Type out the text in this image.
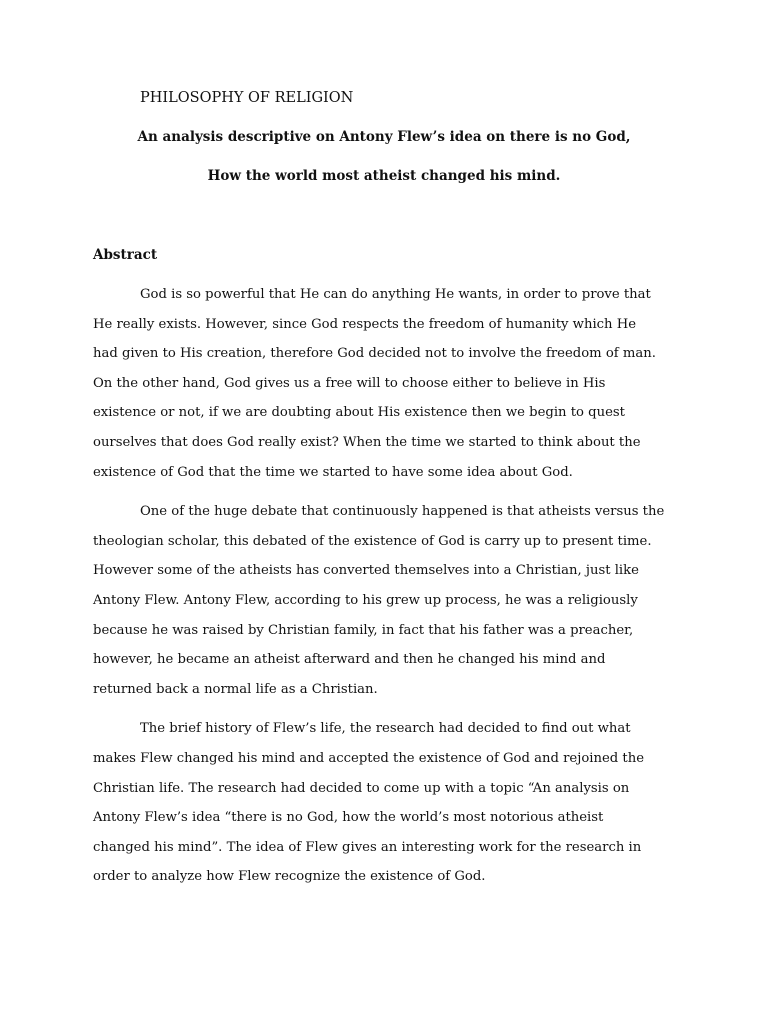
PHILOSOPHY OF RELIGION
An analysis descriptive on Antony Flew’s idea on there is no God,
How the world most atheist changed his mind.
Abstract

God is so powerful that He can do anything He wants, in order to prove that
He really exists. However, since God respects the freedom of humanity which He
had given to His creation, therefore God decided not to involve the freedom of man.
On the other hand, God gives us a free will to choose either to believe in His
existence or not, if we are doubting about His existence then we begin to quest
ourselves that does God really exist? When the time we started to think about the
existence of God that the time we started to have some idea about God.

One of the huge debate that continuously happened is that atheists versus the
theologian scholar, this debated of the existence of God is carry up to present time.
However some of the atheists has converted themselves into a Christian, just like
Antony Flew. Antony Flew, according to his grew up process, he was a religiously
because he was raised by Christian family, in fact that his father was a preacher,
however, he became an atheist afterward and then he changed his mind and
returned back a normal life as a Christian.

The brief history of Flew’s life, the research had decided to find out what
makes Flew changed his mind and accepted the existence of God and rejoined the
Christian life. The research had decided to come up with a topic “An analysis on
Antony Flew’s idea “there is no God, how the world’s most notorious atheist
changed his mind”. The idea of Flew gives an interesting work for the research in
order to analyze how Flew recognize the existence of God.
